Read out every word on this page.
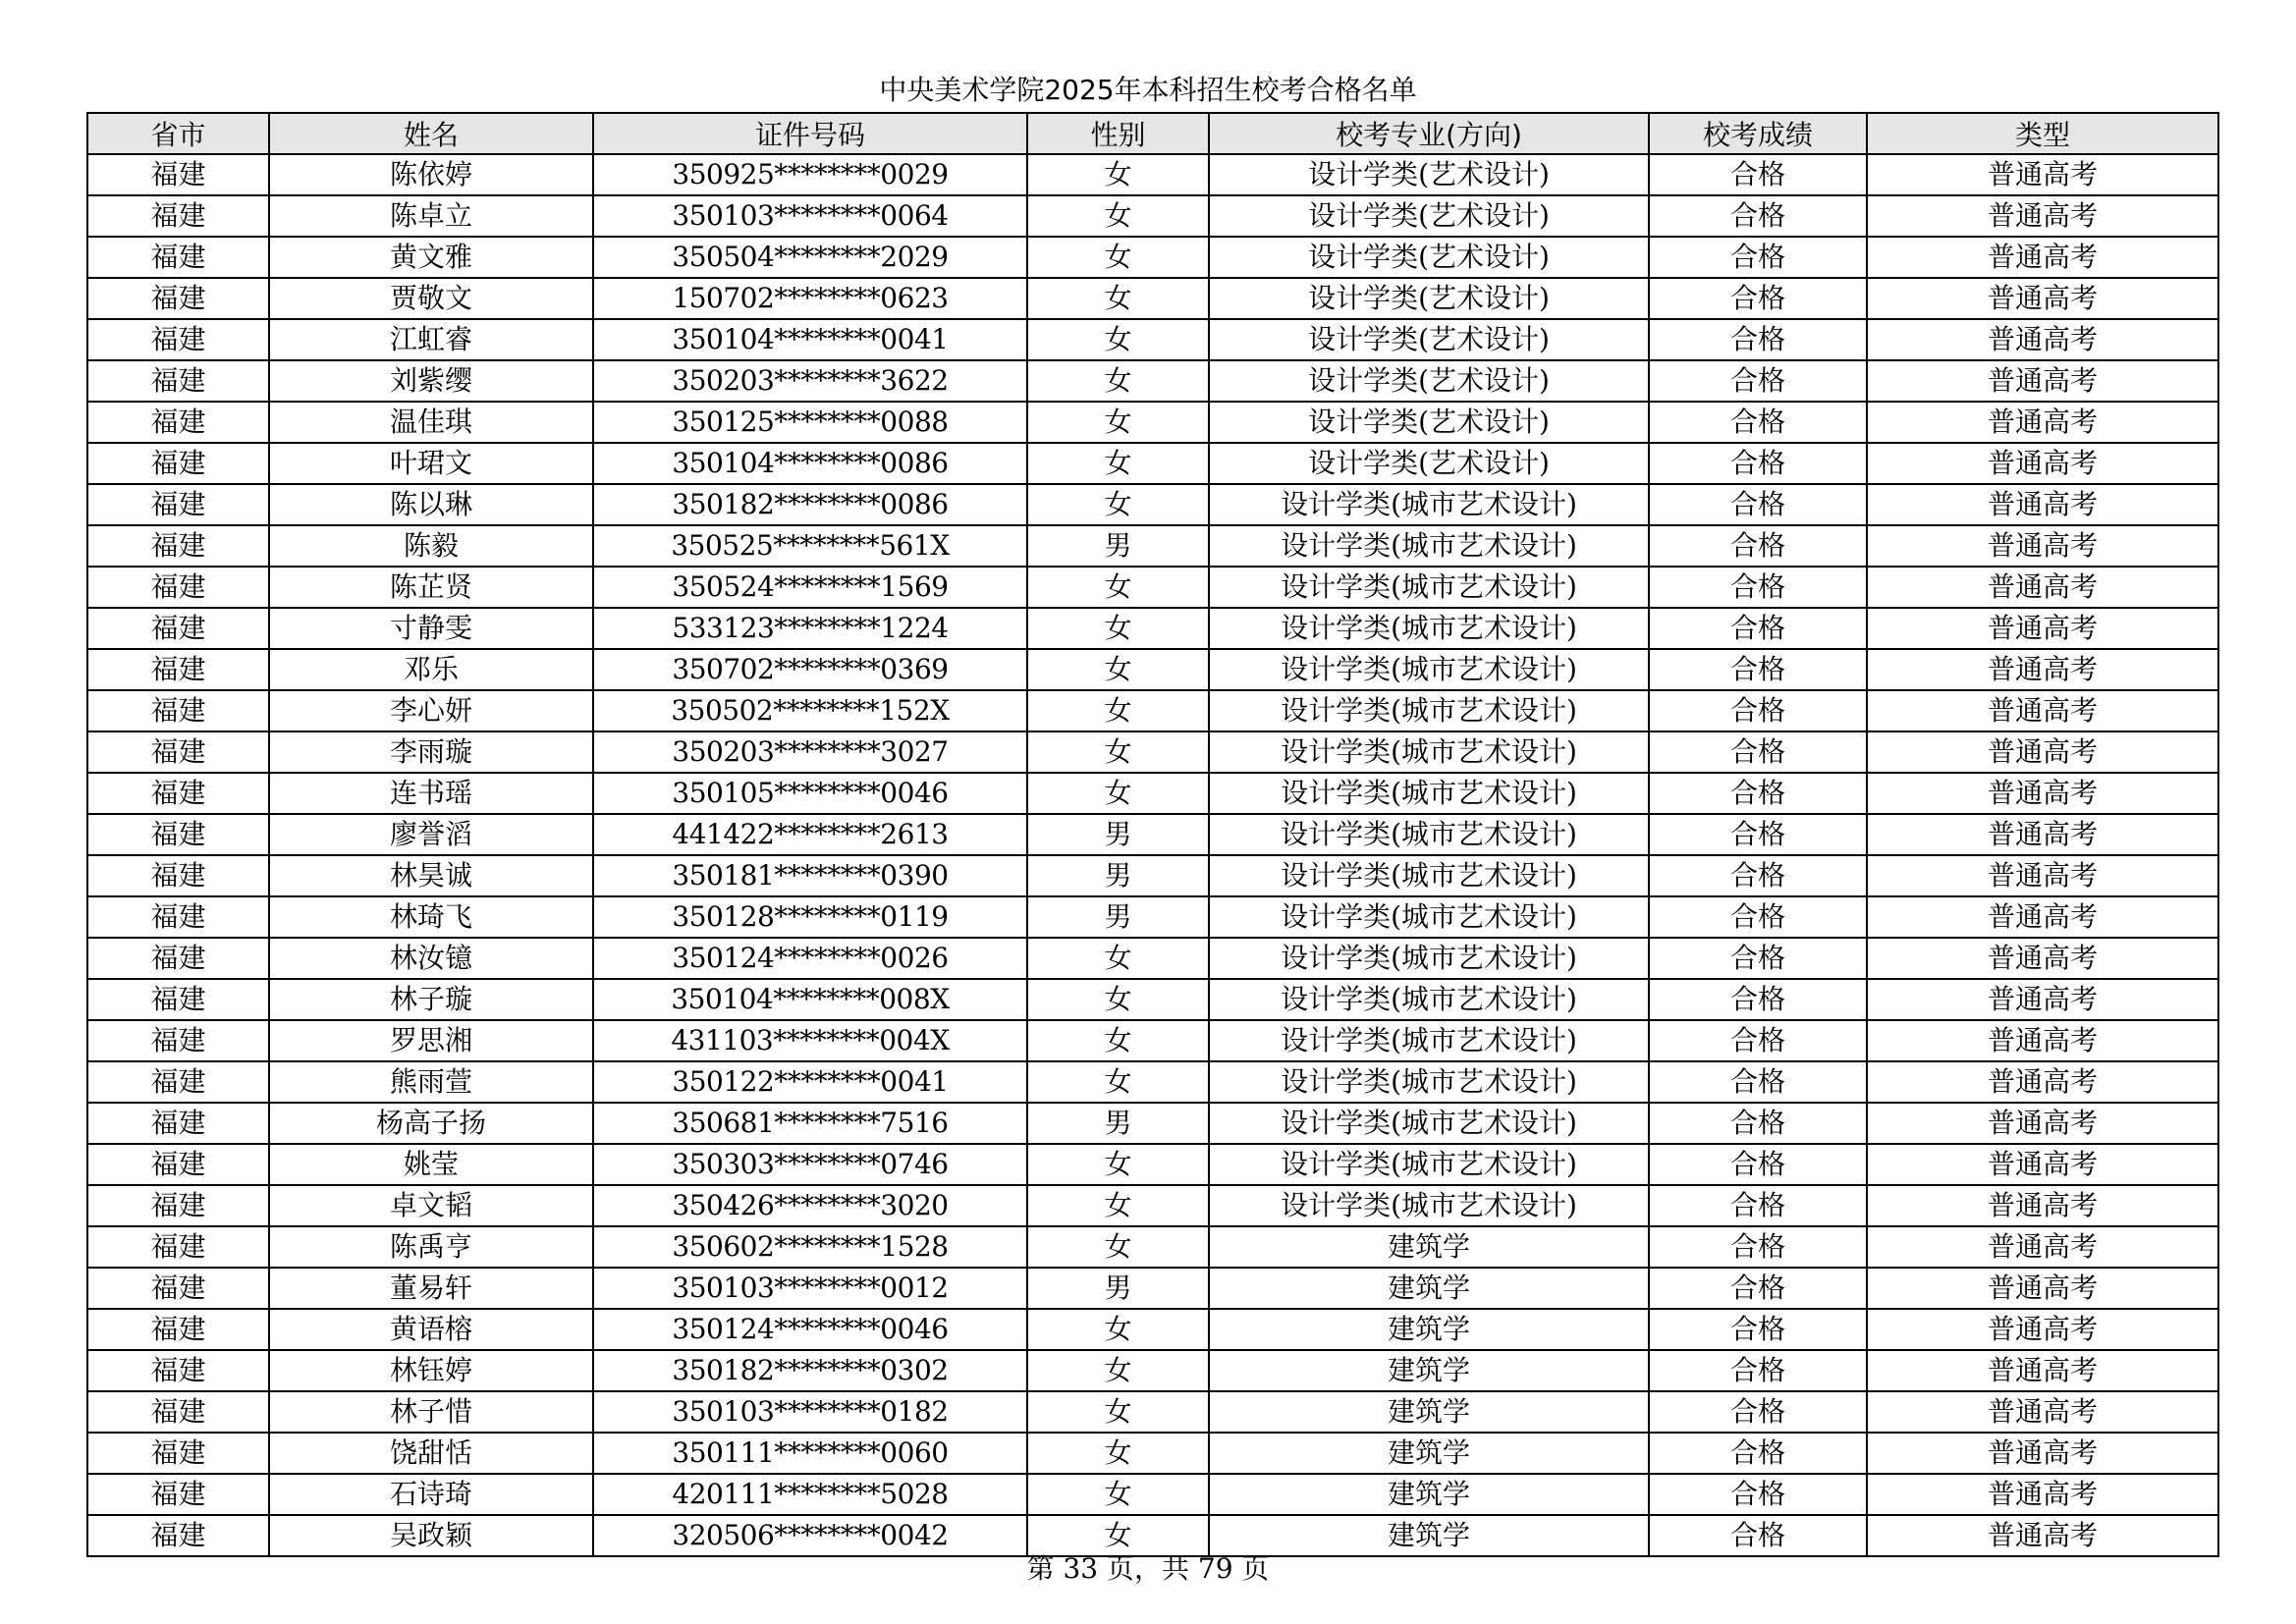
中央美术学院2025年本科招生校考合格名单
省市	姓名	证件号码	性别	校考专业(方向)	校考成绩	类型
福建	陈依婷	350925********0029	女	设计学类(艺术设计)	合格	普通高考
福建	陈卓立	350103********0064	女	设计学类(艺术设计)	合格	普通高考
福建	黄文雅	350504********2029	女	设计学类(艺术设计)	合格	普通高考
福建	贾敬文	150702********0623	女	设计学类(艺术设计)	合格	普通高考
福建	江虹睿	350104********0041	女	设计学类(艺术设计)	合格	普通高考
福建	刘紫缨	350203********3622	女	设计学类(艺术设计)	合格	普通高考
福建	温佳琪	350125********0088	女	设计学类(艺术设计)	合格	普通高考
福建	叶珺文	350104********0086	女	设计学类(艺术设计)	合格	普通高考
福建	陈以琳	350182********0086	女	设计学类(城市艺术设计)	合格	普通高考
福建	陈毅	350525********561X	男	设计学类(城市艺术设计)	合格	普通高考
福建	陈芷贤	350524********1569	女	设计学类(城市艺术设计)	合格	普通高考
福建	寸静雯	533123********1224	女	设计学类(城市艺术设计)	合格	普通高考
福建	邓乐	350702********0369	女	设计学类(城市艺术设计)	合格	普通高考
福建	李心妍	350502********152X	女	设计学类(城市艺术设计)	合格	普通高考
福建	李雨璇	350203********3027	女	设计学类(城市艺术设计)	合格	普通高考
福建	连书瑶	350105********0046	女	设计学类(城市艺术设计)	合格	普通高考
福建	廖誉滔	441422********2613	男	设计学类(城市艺术设计)	合格	普通高考
福建	林昊诚	350181********0390	男	设计学类(城市艺术设计)	合格	普通高考
福建	林琦飞	350128********0119	男	设计学类(城市艺术设计)	合格	普通高考
福建	林汝镱	350124********0026	女	设计学类(城市艺术设计)	合格	普通高考
福建	林子璇	350104********008X	女	设计学类(城市艺术设计)	合格	普通高考
福建	罗思湘	431103********004X	女	设计学类(城市艺术设计)	合格	普通高考
福建	熊雨萱	350122********0041	女	设计学类(城市艺术设计)	合格	普通高考
福建	杨高子扬	350681********7516	男	设计学类(城市艺术设计)	合格	普通高考
福建	姚莹	350303********0746	女	设计学类(城市艺术设计)	合格	普通高考
福建	卓文韬	350426********3020	女	设计学类(城市艺术设计)	合格	普通高考
福建	陈禹亨	350602********1528	女	建筑学	合格	普通高考
福建	董易轩	350103********0012	男	建筑学	合格	普通高考
福建	黄语榕	350124********0046	女	建筑学	合格	普通高考
福建	林钰婷	350182********0302	女	建筑学	合格	普通高考
福建	林子惜	350103********0182	女	建筑学	合格	普通高考
福建	饶甜恬	350111********0060	女	建筑学	合格	普通高考
福建	石诗琦	420111********5028	女	建筑学	合格	普通高考
福建	吴政颖	320506********0042	女	建筑学	合格	普通高考
第 33 页，共 79 页
